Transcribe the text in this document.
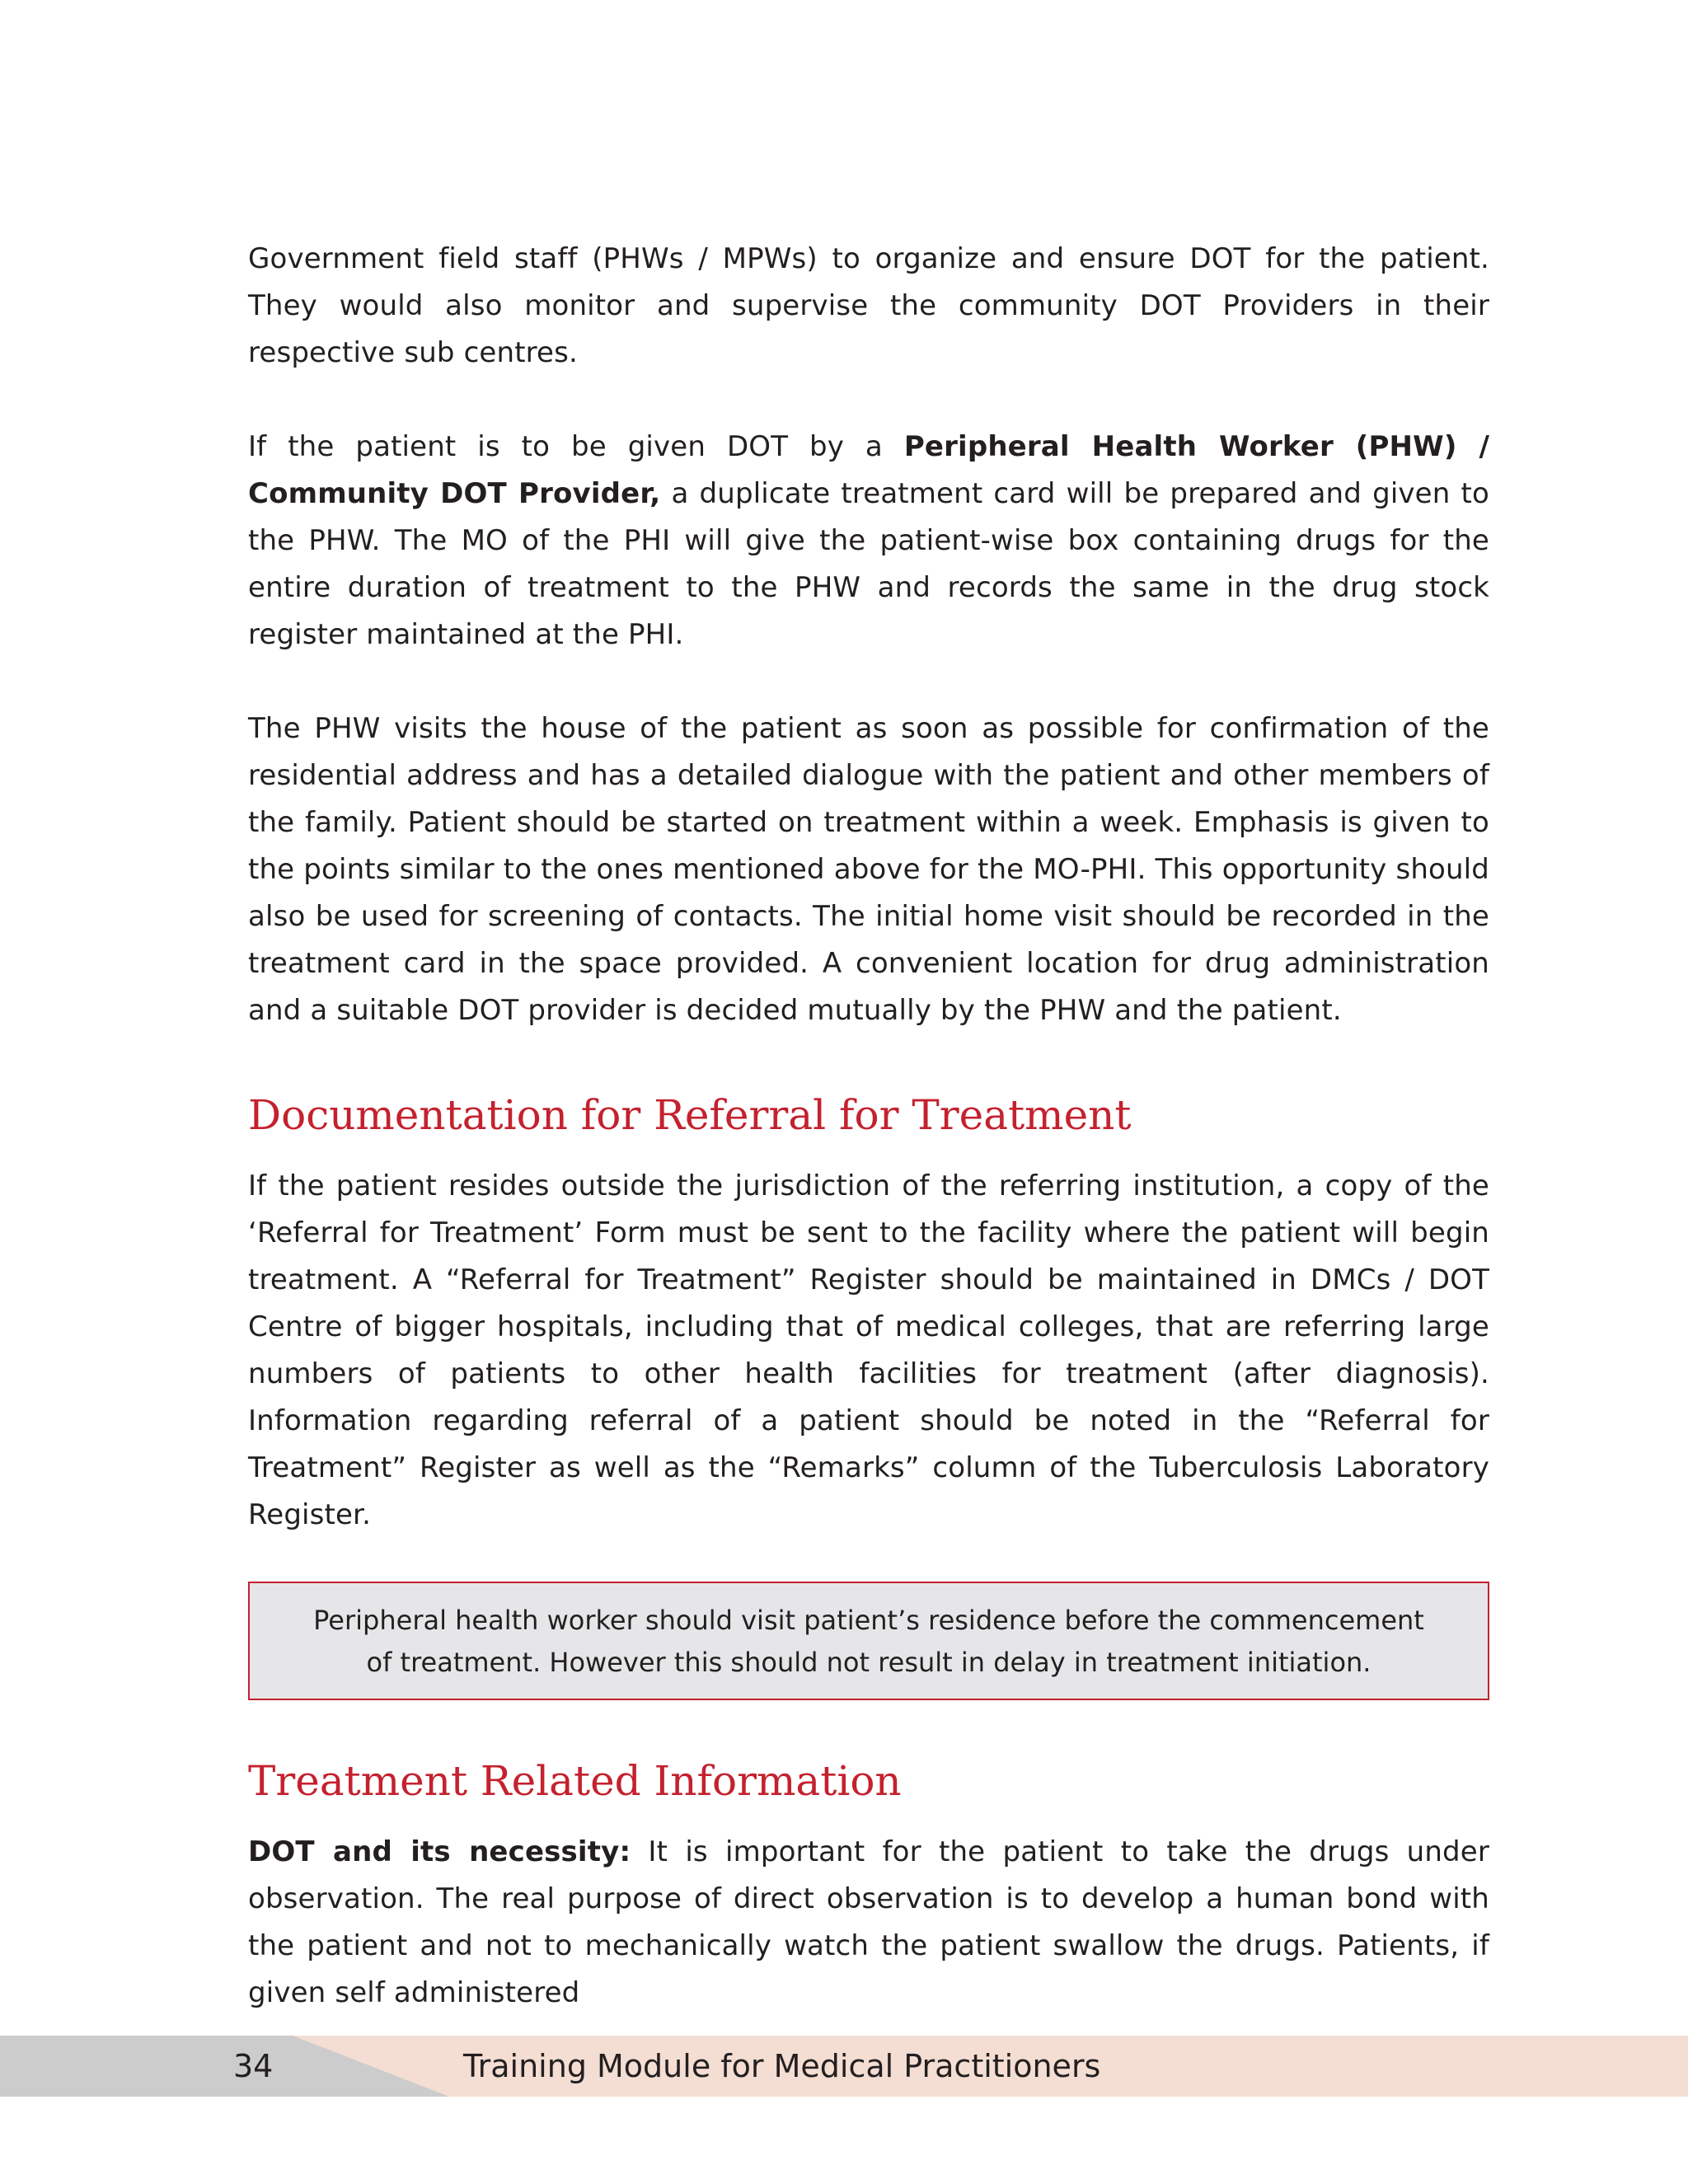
Government field staff (PHWs / MPWs) to organize and ensure DOT for the patient. They would also monitor and supervise the community DOT Providers in their respective sub centres.

If the patient is to be given DOT by a Peripheral Health Worker (PHW) / Community DOT Provider, a duplicate treatment card will be prepared and given to the PHW. The MO of the PHI will give the patient-wise box containing drugs for the entire duration of treatment to the PHW and records the same in the drug stock register maintained at the PHI.

The PHW visits the house of the patient as soon as possible for confirmation of the residential address and has a detailed dialogue with the patient and other members of the family. Patient should be started on treatment within a week. Emphasis is given to the points similar to the ones mentioned above for the MO-PHI. This opportunity should also be used for screening of contacts. The initial home visit should be recorded in the treatment card in the space provided. A convenient location for drug administration and a suitable DOT provider is decided mutually by the PHW and the patient.

Documentation for Referral for Treatment

If the patient resides outside the jurisdiction of the referring institution, a copy of the ‘Referral for Treatment’ Form must be sent to the facility where the patient will begin treatment. A “Referral for Treatment” Register should be maintained in DMCs / DOT Centre of bigger hospitals, including that of medical colleges, that are referring large numbers of patients to other health facilities for treatment (after diagnosis). Information regarding referral of a patient should be noted in the “Referral for Treatment” Register as well as the “Remarks” column of the Tuberculosis Laboratory Register.

Peripheral health worker should visit patient’s residence before the commencement of treatment. However this should not result in delay in treatment initiation.
Treatment Related Information

DOT and its necessity: It is important for the patient to take the drugs under observation. The real purpose of direct observation is to develop a human bond with the patient and not to mechanically watch the patient swallow the drugs. Patients, if given self administered

34	Training Module for Medical Practitioners
